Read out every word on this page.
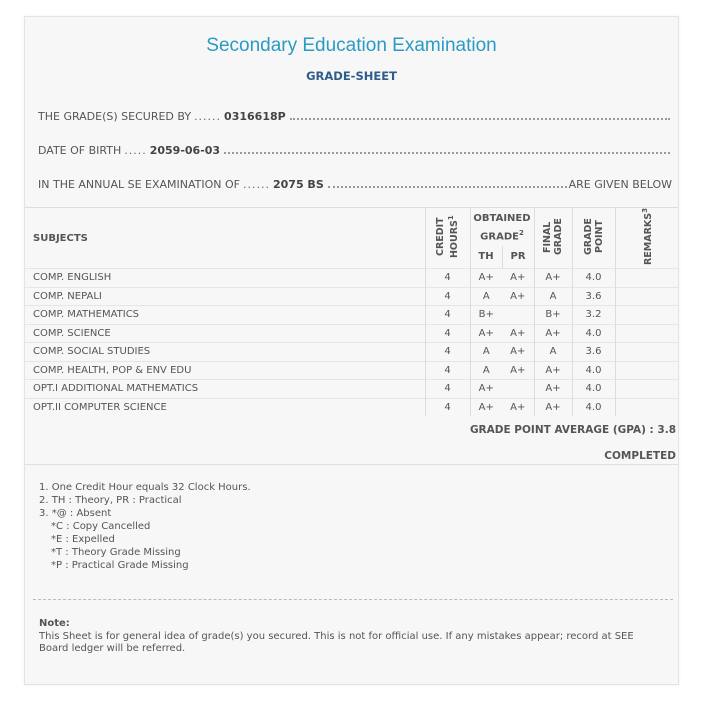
Secondary Education Examination
GRADE-SHEET
THE GRADE(S) SECURED BY ...... 0316618P
DATE OF BIRTH ..... 2059-06-03
IN THE ANNUAL SE EXAMINATION OF ...... 2075 BS	ARE GIVEN BELOW
SUBJECTS	CREDIT HOURS$^1$	OBTAINED GRADE$^2$		FINAL GRADE	GRADE POINT	REMARKS$^3$
		TH	PR			
COMP. ENGLISH	4	A+	A+	A+	4.0	
COMP. NEPALI	4	A	A+	A	3.6	
COMP. MATHEMATICS	4	B+		B+	3.2	
COMP. SCIENCE	4	A+	A+	A+	4.0	
COMP. SOCIAL STUDIES	4	A	A+	A	3.6	
COMP. HEALTH, POP & ENV EDU	4	A	A+	A+	4.0	
OPT.I ADDITIONAL MATHEMATICS	4	A+		A+	4.0	
OPT.II COMPUTER SCIENCE	4	A+	A+	A+	4.0	
GRADE POINT AVERAGE (GPA) : 3.8
COMPLETED
1. One Credit Hour equals 32 Clock Hours.
2. TH : Theory, PR : Practical
3. *@ : Absent
*C : Copy Cancelled
*E : Expelled
*T : Theory Grade Missing
*P : Practical Grade Missing
Note:
This Sheet is for general idea of grade(s) you secured. This is not for official use. If any mistakes appear; record at SEE Board ledger will be referred.
